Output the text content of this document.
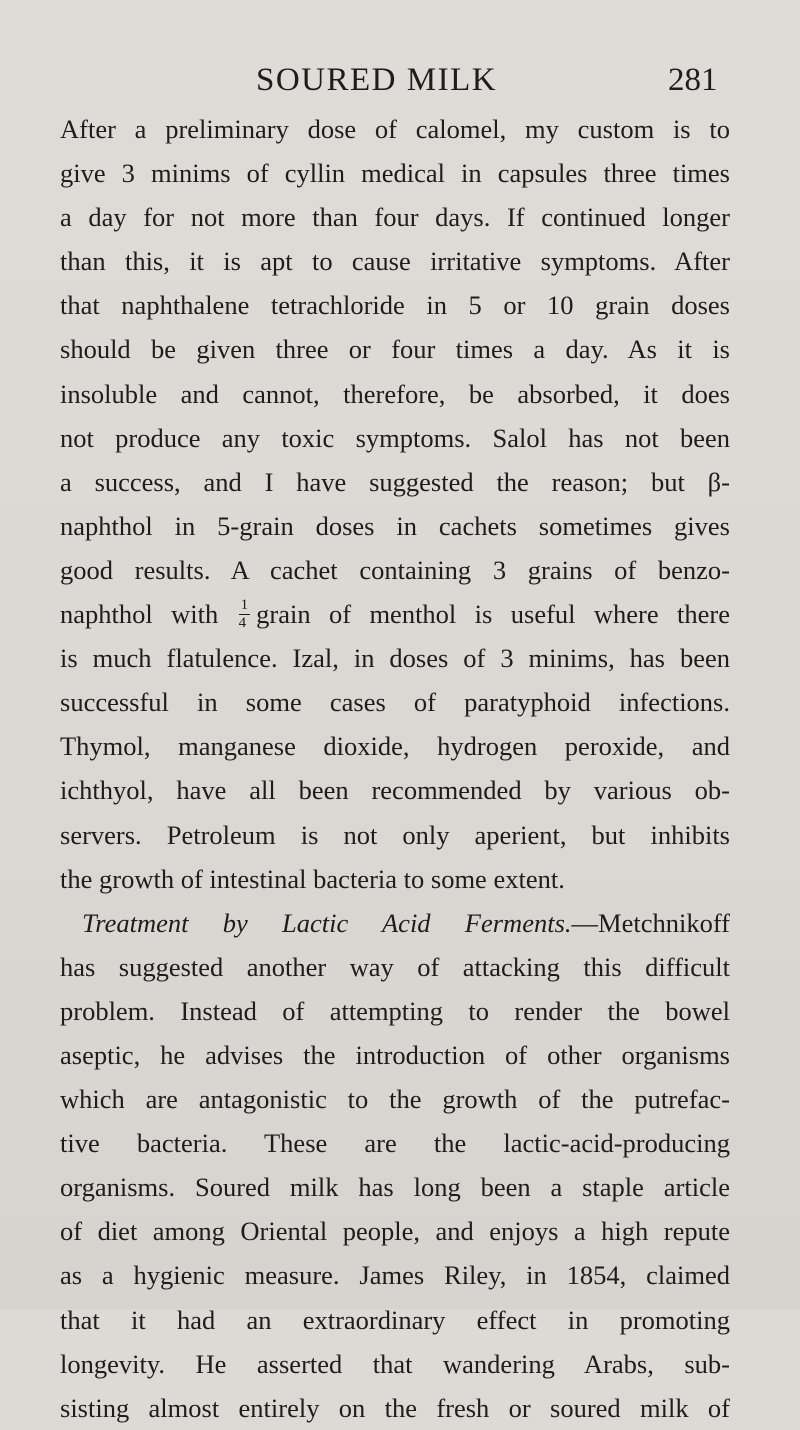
SOURED MILK	281
After a preliminary dose of calomel, my custom is to
give 3 minims of cyllin medical in capsules three times
a day for not more than four days. If continued longer
than this, it is apt to cause irritative symptoms. After
that naphthalene tetrachloride in 5 or 10 grain doses
should be given three or four times a day. As it is
insoluble and cannot, therefore, be absorbed, it does
not produce any toxic symptoms. Salol has not been
a success, and I have suggested the reason; but β-
naphthol in 5-grain doses in cachets sometimes gives
good results. A cachet containing 3 grains of benzo-
naphthol with $\frac{1}{4}$ grain of menthol is useful where there
is much flatulence. Izal, in doses of 3 minims, has been
successful in some cases of paratyphoid infections.
Thymol, manganese dioxide, hydrogen peroxide, and
ichthyol, have all been recommended by various ob-
servers. Petroleum is not only aperient, but inhibits
the growth of intestinal bacteria to some extent.
Treatment by Lactic Acid Ferments.—Metchnikoff
has suggested another way of attacking this difficult
problem. Instead of attempting to render the bowel
aseptic, he advises the introduction of other organisms
which are antagonistic to the growth of the putrefac-
tive bacteria. These are the lactic-acid-producing
organisms. Soured milk has long been a staple article
of diet among Oriental people, and enjoys a high repute
as a hygienic measure. James Riley, in 1854, claimed
that it had an extraordinary effect in promoting
longevity. He asserted that wandering Arabs, sub-
sisting almost entirely on the fresh or soured milk of
